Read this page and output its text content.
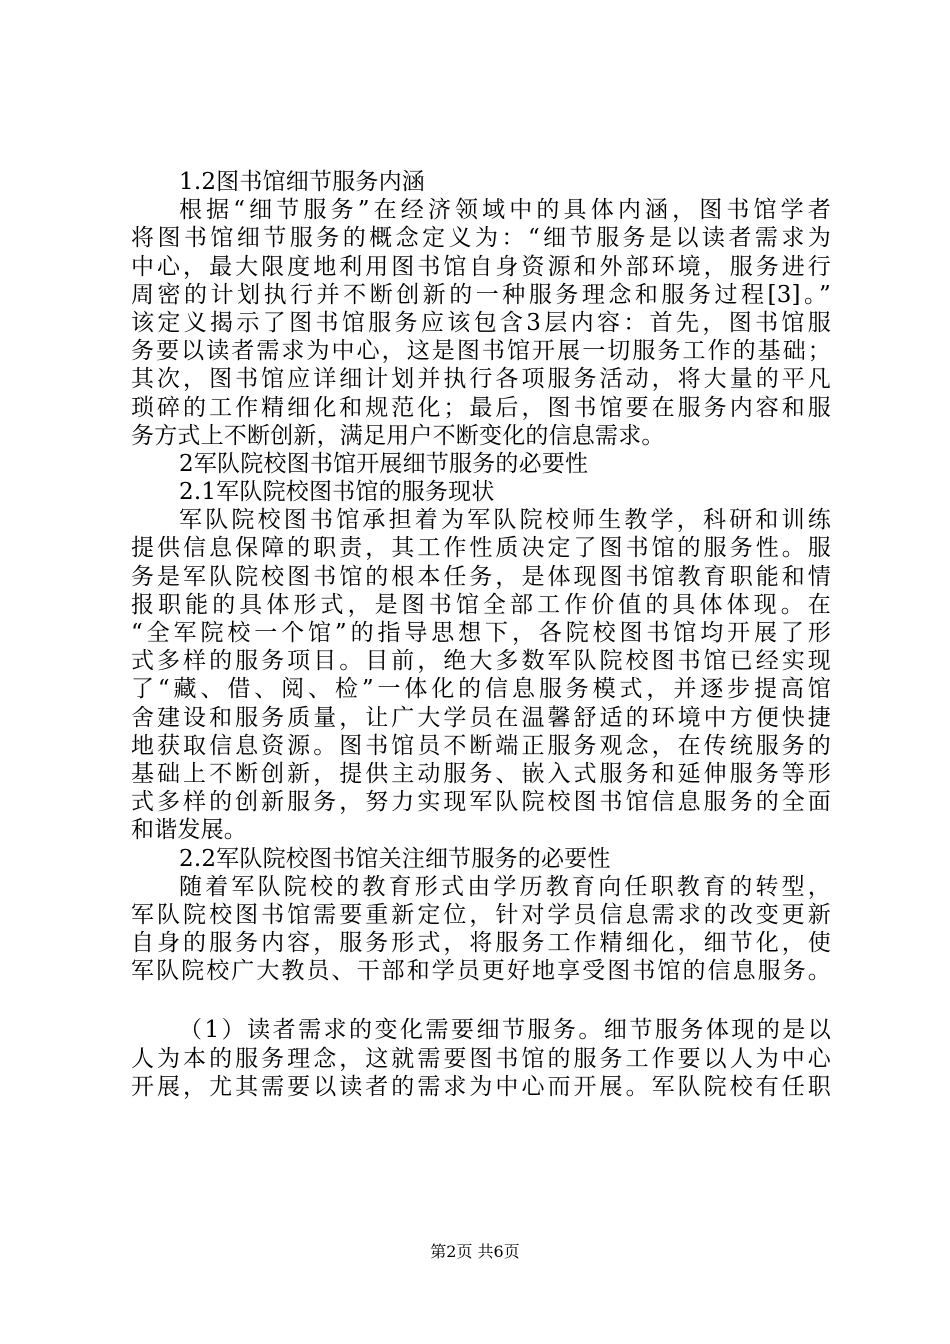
1.2图书馆细节服务内涵
根据“细节服务”在经济领域中的具体内涵，图书馆学者
将图书馆细节服务的概念定义为：“细节服务是以读者需求为
中心，最大限度地利用图书馆自身资源和外部环境，服务进行
周密的计划执行并不断创新的一种服务理念和服务过程[3]。”
该定义揭示了图书馆服务应该包含3层内容：首先，图书馆服
务要以读者需求为中心，这是图书馆开展一切服务工作的基础；
其次，图书馆应详细计划并执行各项服务活动，将大量的平凡
琐碎的工作精细化和规范化；最后，图书馆要在服务内容和服
务方式上不断创新，满足用户不断变化的信息需求。
2军队院校图书馆开展细节服务的必要性
2.1军队院校图书馆的服务现状
军队院校图书馆承担着为军队院校师生教学，科研和训练
提供信息保障的职责，其工作性质决定了图书馆的服务性。服
务是军队院校图书馆的根本任务，是体现图书馆教育职能和情
报职能的具体形式，是图书馆全部工作价值的具体体现。在
“全军院校一个馆”的指导思想下，各院校图书馆均开展了形
式多样的服务项目。目前，绝大多数军队院校图书馆已经实现
了“藏、借、阅、检”一体化的信息服务模式，并逐步提高馆
舍建设和服务质量，让广大学员在温馨舒适的环境中方便快捷
地获取信息资源。图书馆员不断端正服务观念，在传统服务的
基础上不断创新，提供主动服务、嵌入式服务和延伸服务等形
式多样的创新服务，努力实现军队院校图书馆信息服务的全面
和谐发展。
2.2军队院校图书馆关注细节服务的必要性
随着军队院校的教育形式由学历教育向任职教育的转型，
军队院校图书馆需要重新定位，针对学员信息需求的改变更新
自身的服务内容，服务形式，将服务工作精细化，细节化，使
军队院校广大教员、干部和学员更好地享受图书馆的信息服务。
（1）读者需求的变化需要细节服务。细节服务体现的是以
人为本的服务理念，这就需要图书馆的服务工作要以人为中心
开展，尤其需要以读者的需求为中心而开展。军队院校有任职
第2页 共6页
